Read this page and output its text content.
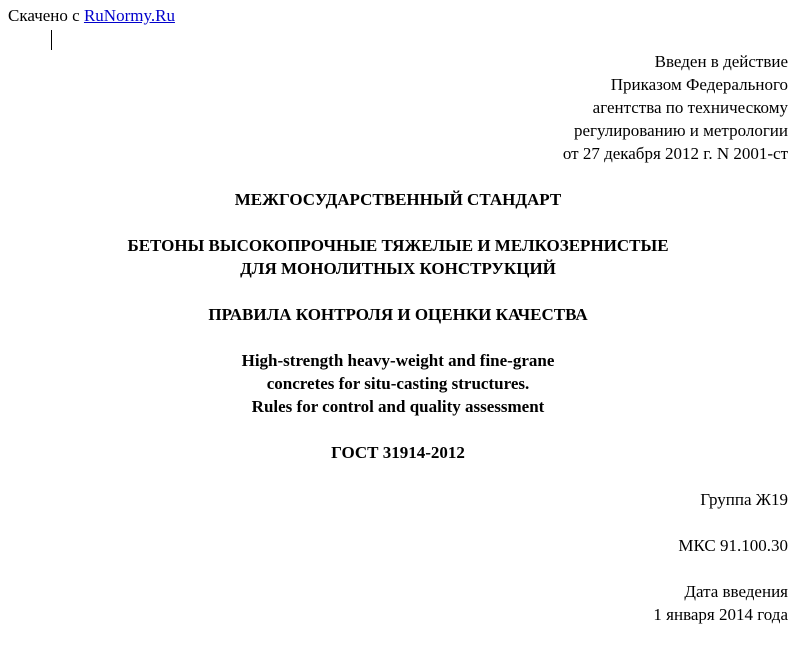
Скачено с RuNormy.Ru
Введен в действие
Приказом Федерального
агентства по техническому
регулированию и метрологии
от 27 декабря 2012 г. N 2001-ст
МЕЖГОСУДАРСТВЕННЫЙ СТАНДАРТ
БЕТОНЫ ВЫСОКОПРОЧНЫЕ ТЯЖЕЛЫЕ И МЕЛКОЗЕРНИСТЫЕ
ДЛЯ МОНОЛИТНЫХ КОНСТРУКЦИЙ
ПРАВИЛА КОНТРОЛЯ И ОЦЕНКИ КАЧЕСТВА
High-strength heavy-weight and fine-grane
concretes for situ-casting structures.
Rules for control and quality assessment
ГОСТ 31914-2012
Группа Ж19
МКС 91.100.30
Дата введения
1 января 2014 года
